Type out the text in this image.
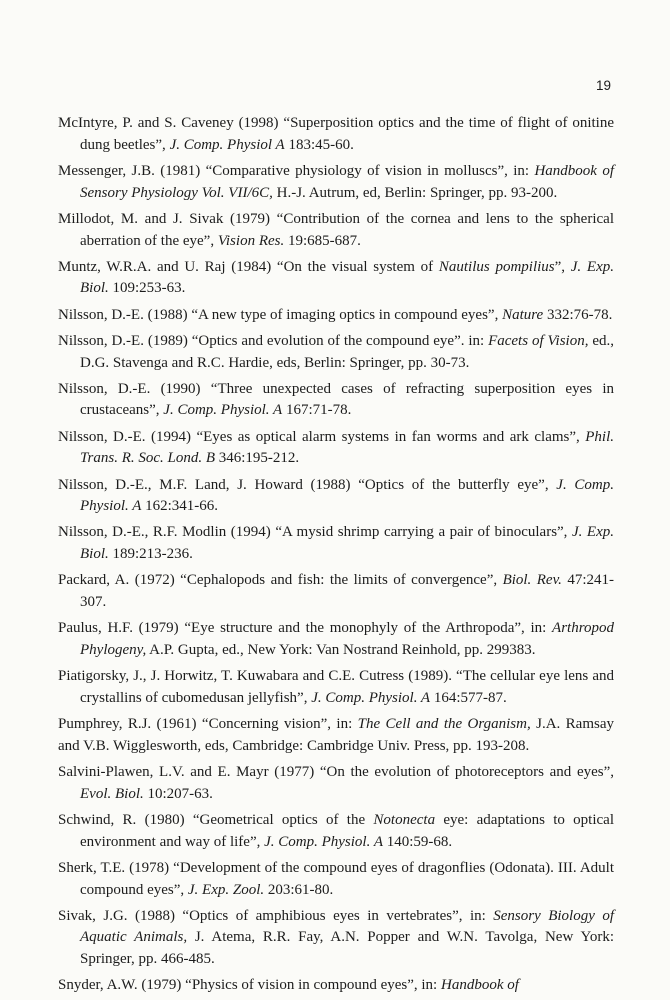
19

McIntyre, P. and S. Caveney (1998) “Superposition optics and the time of flight of onitine dung beetles”, J. Comp. Physiol A 183:45-60.

Messenger, J.B. (1981) “Comparative physiology of vision in molluscs”, in: Handbook of Sensory Physiology Vol. VII/6C, H.-J. Autrum, ed, Berlin: Springer, pp. 93-200.

Millodot, M. and J. Sivak (1979) “Contribution of the cornea and lens to the spherical aberration of the eye”, Vision Res. 19:685-687.

Muntz, W.R.A. and U. Raj (1984) “On the visual system of Nautilus pompilius”, J. Exp. Biol. 109:253-63.

Nilsson, D.-E. (1988) “A new type of imaging optics in compound eyes”, Nature 332:76-78.

Nilsson, D.-E. (1989) “Optics and evolution of the compound eye”. in: Facets of Vision, ed., D.G. Stavenga and R.C. Hardie, eds, Berlin: Springer, pp. 30-73.

Nilsson, D.-E. (1990) “Three unexpected cases of refracting superposition eyes in crustaceans”, J. Comp. Physiol. A 167:71-78.

Nilsson, D.-E. (1994) “Eyes as optical alarm systems in fan worms and ark clams”, Phil. Trans. R. Soc. Lond. B 346:195-212.

Nilsson, D.-E., M.F. Land, J. Howard (1988) “Optics of the butterfly eye”, J. Comp. Physiol. A 162:341-66.

Nilsson, D.-E., R.F. Modlin (1994) “A mysid shrimp carrying a pair of binoculars”, J. Exp. Biol. 189:213-236.

Packard, A. (1972) “Cephalopods and fish: the limits of convergence”, Biol. Rev. 47:241-307.

Paulus, H.F. (1979) “Eye structure and the monophyly of the Arthropoda”, in: Arthropod Phylogeny, A.P. Gupta, ed., New York: Van Nostrand Reinhold, pp. 299383.

Piatigorsky, J., J. Horwitz, T. Kuwabara and C.E. Cutress (1989). “The cellular eye lens and crystallins of cubomedusan jellyfish”, J. Comp. Physiol. A 164:577-87.

Pumphrey, R.J. (1961) “Concerning vision”, in: The Cell and the Organism, J.A. Ramsay and V.B. Wigglesworth, eds, Cambridge: Cambridge Univ. Press, pp. 193-208.

Salvini-Plawen, L.V. and E. Mayr (1977) “On the evolution of photoreceptors and eyes”, Evol. Biol. 10:207-63.

Schwind, R. (1980) “Geometrical optics of the Notonecta eye: adaptations to optical environment and way of life”, J. Comp. Physiol. A 140:59-68.

Sherk, T.E. (1978) “Development of the compound eyes of dragonflies (Odonata). III. Adult compound eyes”, J. Exp. Zool. 203:61-80.

Sivak, J.G. (1988) “Optics of amphibious eyes in vertebrates”, in: Sensory Biology of Aquatic Animals, J. Atema, R.R. Fay, A.N. Popper and W.N. Tavolga, New York: Springer, pp. 466-485.

Snyder, A.W. (1979) “Physics of vision in compound eyes”, in: Handbook of
